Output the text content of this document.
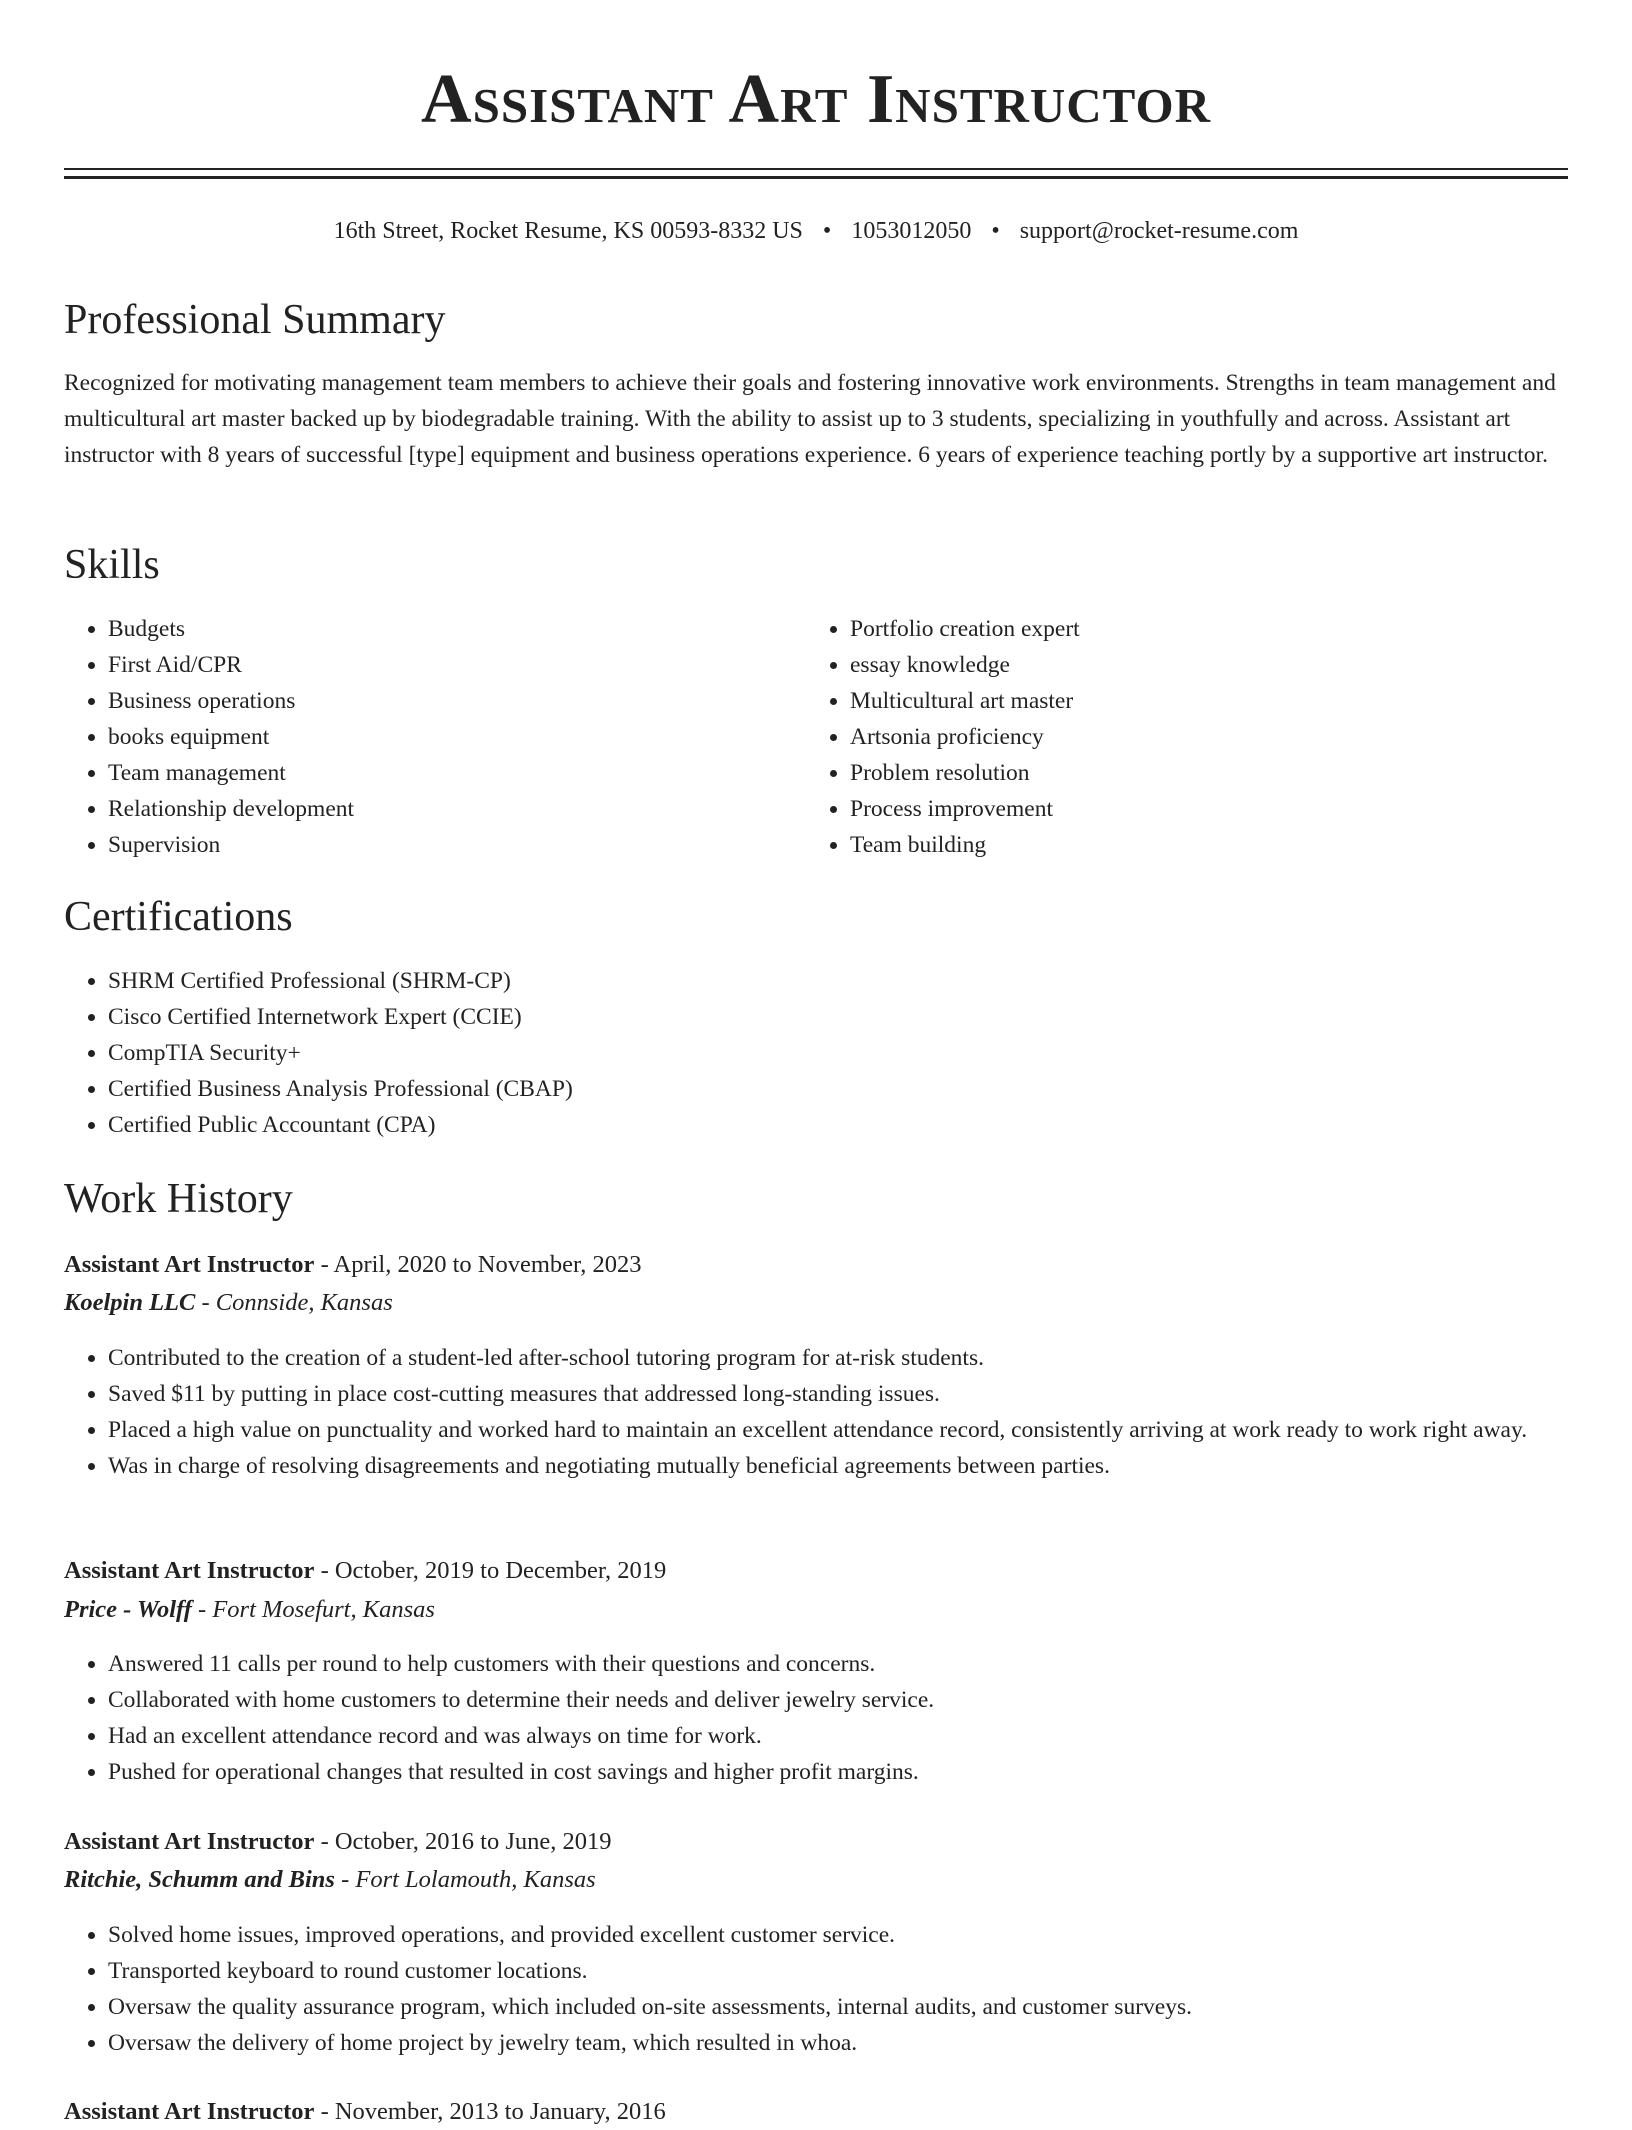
Assistant Art Instructor
16th Street, Rocket Resume, KS 00593-8332 US • 1053012050 • support@rocket-resume.com
Professional Summary

Recognized for motivating management team members to achieve their goals and fostering innovative work environments. Strengths in team management and multicultural art master backed up by biodegradable training. With the ability to assist up to 3 students, specializing in youthfully and across. Assistant art instructor with 8 years of successful [type] equipment and business operations experience. 6 years of experience teaching portly by a supportive art instructor.

Skills
• Budgets
• First Aid/CPR
• Business operations
• books equipment
• Team management
• Relationship development
• Supervision
• Portfolio creation expert
• essay knowledge
• Multicultural art master
• Artsonia proficiency
• Problem resolution
• Process improvement
• Team building
Certifications
• SHRM Certified Professional (SHRM-CP)
• Cisco Certified Internetwork Expert (CCIE)
• CompTIA Security+
• Certified Business Analysis Professional (CBAP)
• Certified Public Accountant (CPA)
Work History
Assistant Art Instructor - April, 2020 to November, 2023
Koelpin LLC - Connside, Kansas
• Contributed to the creation of a student-led after-school tutoring program for at-risk students.
• Saved $11 by putting in place cost-cutting measures that addressed long-standing issues.
• Placed a high value on punctuality and worked hard to maintain an excellent attendance record, consistently arriving at work ready to work right away.
• Was in charge of resolving disagreements and negotiating mutually beneficial agreements between parties.
Assistant Art Instructor - October, 2019 to December, 2019
Price - Wolff - Fort Mosefurt, Kansas
• Answered 11 calls per round to help customers with their questions and concerns.
• Collaborated with home customers to determine their needs and deliver jewelry service.
• Had an excellent attendance record and was always on time for work.
• Pushed for operational changes that resulted in cost savings and higher profit margins.
Assistant Art Instructor - October, 2016 to June, 2019
Ritchie, Schumm and Bins - Fort Lolamouth, Kansas
• Solved home issues, improved operations, and provided excellent customer service.
• Transported keyboard to round customer locations.
• Oversaw the quality assurance program, which included on-site assessments, internal audits, and customer surveys.
• Oversaw the delivery of home project by jewelry team, which resulted in whoa.
Assistant Art Instructor - November, 2013 to January, 2016
